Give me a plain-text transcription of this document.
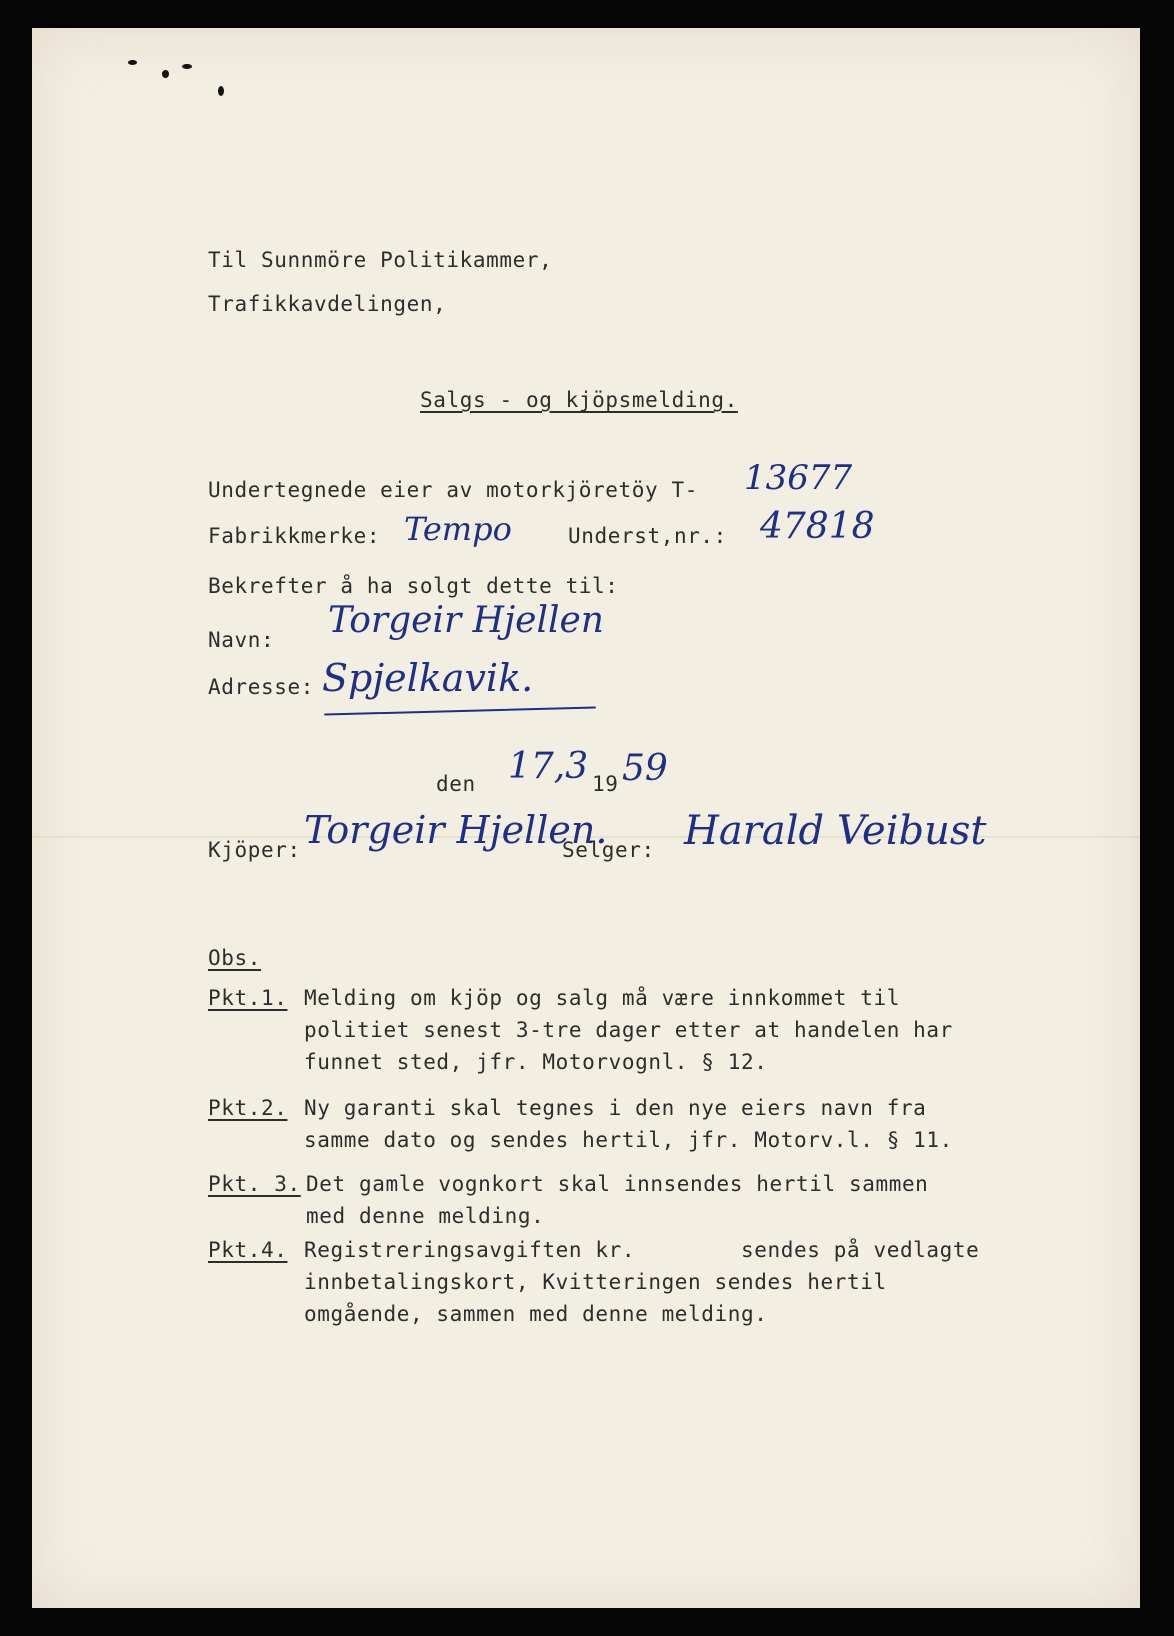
Til Sunnmöre Politikammer,
Trafikkavdelingen,
Salgs - og kjöpsmelding.
Undertegnede eier av motorkjöretöy T- 13677
Fabrikkmerke: Tempo	Underst,nr.: 47818
Bekrefter å ha solgt dette til:
Navn: Torgeir Hjellen
Adresse: Spjelkavik.
den 17,3 19 59
Kjöper: Torgeir Hjellen.
Selger: Harald Veibust
Obs.
Pkt.1. Melding om kjöp og salg må være innkommet til
politiet senest 3-tre dager etter at handelen har
funnet sted, jfr. Motorvognl. § 12.
Pkt.2. Ny garanti skal tegnes i den nye eiers navn fra
samme dato og sendes hertil, jfr. Motorv.l. § 11.
Pkt. 3. Det gamle vognkort skal innsendes hertil sammen
med denne melding.
Pkt.4. Registreringsavgiften kr.        sendes på vedlagte
innbetalingskort, Kvitteringen sendes hertil
omgående, sammen med denne melding.
